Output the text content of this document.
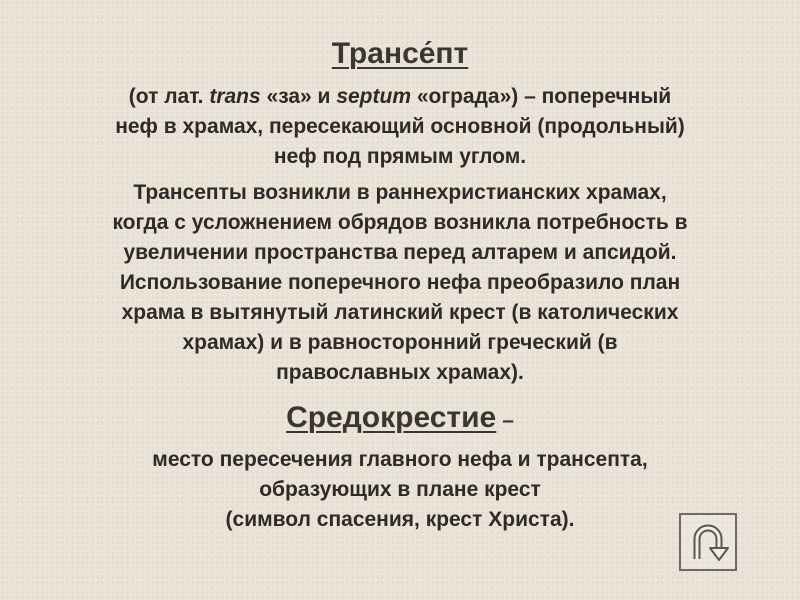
Трансе́пт

(от лат. trans «за» и septum «ограда») – поперечный
неф в храмах, пересекающий основной (продольный)
неф под прямым углом.

Трансепты возникли в раннехристианских храмах,
когда с усложнением обрядов возникла потребность в
увеличении пространства перед алтарем и апсидой.
Использование поперечного нефа преобразило план
храма в вытянутый латинский крест (в католических
храмах) и в равносторонний греческий (в
православных храмах).

Средокрестие –

место пересечения главного нефа и трансепта,
образующих в плане крест
(символ спасения, крест Христа).
